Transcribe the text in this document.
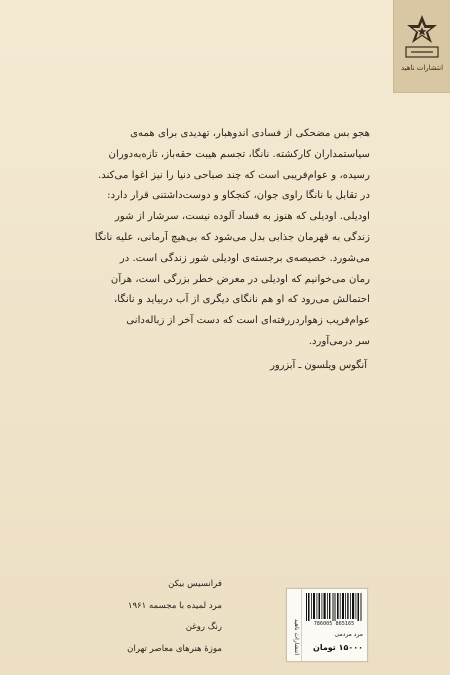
انتشارات ناهید

هجو بس مضحکی از فسادی اندوهبار، تهدیدی برای همه‌ی

سیاستمداران کارکشته. نانگا، تجسم هیبت حقه‌باز، تازه‌به‌دوران

رسیده، و عوام‌فریبی است که چند صباحی دنیا را نیز اغوا می‌کند.

در تقابل با نانگا راوی جوان، کنجکاو و دوست‌داشتنی قرار دارد:

اودیلی. اودیلی که هنوز به فساد آلوده نیست، سرشار از شور

زندگی به قهرمان جذابی بدل می‌شود که بی‌هیچ آرمانی، علیه نانگا

می‌شورد. خصیصه‌ی برجسته‌ی اودیلی شور زندگی است. در

رمان می‌خوانیم که اودیلی در معرض خطر بزرگی است، هرآن

احتمالش می‌رود که او هم نانگای دیگری از آب دربیاید و نانگا،

عوام‌فریب زهواردررفته‌ای است که دست آخر از زباله‌دانی

سر درمی‌آورد.

آنگوس ویلسون ـ آبزرور
فرانسیس بیکن
مرد لمیده با مجسمه ۱۹۶۱
رنگ روغن
موزهٔ هنرهای معاصر تهران	انتشارات ناهید	786005 865165
مرد مردمی
۱۵۰۰۰ تومان
